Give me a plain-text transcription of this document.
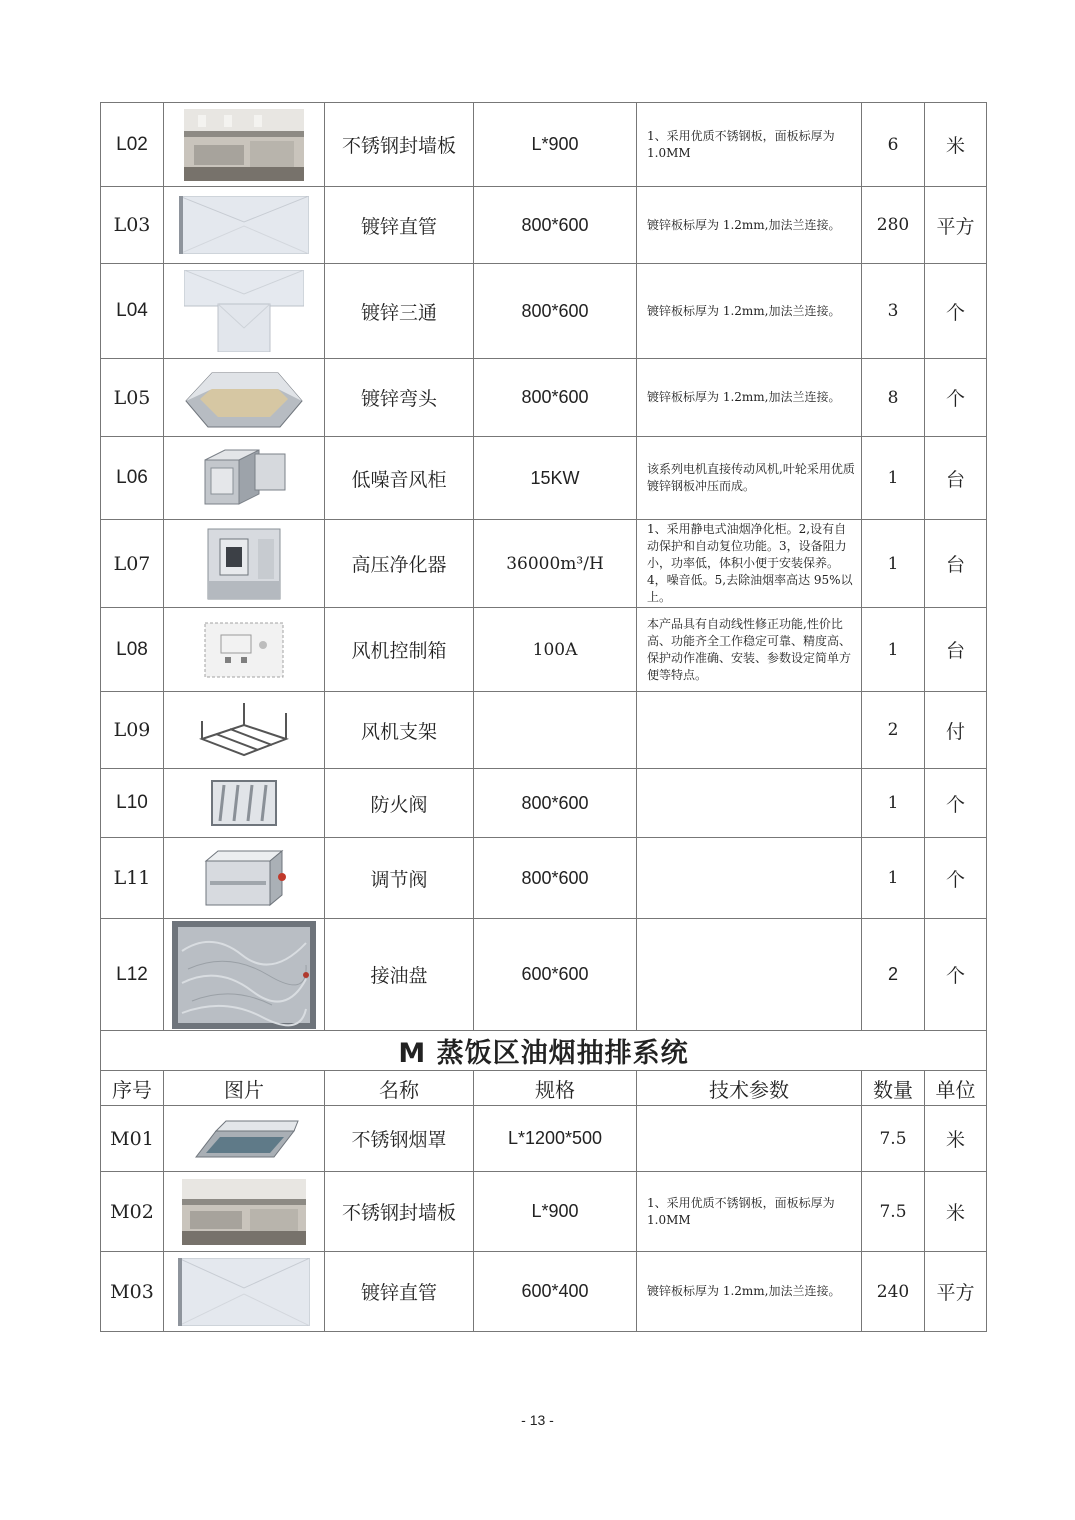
L02		不锈钢封墙板	L*900	1、采用优质不锈钢板，面板标厚为 1.0MM	6	米
L03		镀锌直管	800*600	镀锌板标厚为 1.2mm,加法兰连接。	280	平方
L04		镀锌三通	800*600	镀锌板标厚为 1.2mm,加法兰连接。	3	个
L05		镀锌弯头	800*600	镀锌板标厚为 1.2mm,加法兰连接。	8	个
L06		低噪音风柜	15KW	该系列电机直接传动风机,叶轮采用优质镀锌钢板冲压而成。	1	台
L07		高压净化器	36000m³/H	1、采用静电式油烟净化柜。2,设有自动保护和自动复位功能。3，设备阻力小，功率低，体积小便于安装保养。4，噪音低。5,去除油烟率高达 95%以上。	1	台
L08		风机控制箱	100A	本产品具有自动线性修正功能,性价比高、功能齐全工作稳定可靠、精度高、保护动作准确、安装、参数设定简单方便等特点。	1	台
L09		风机支架			2	付
L10		防火阀	800*600		1	个
L11		调节阀	800*600		1	个
L12		接油盘	600*600		2	个
M 蒸饭区油烟抽排系统						
序号	图片	名称	规格	技术参数	数量	单位
M01		不锈钢烟罩	L*1200*500		7.5	米
M02		不锈钢封墙板	L*900	1、采用优质不锈钢板，面板标厚为 1.0MM	7.5	米
M03		镀锌直管	600*400	镀锌板标厚为 1.2mm,加法兰连接。	240	平方
- 13 -
